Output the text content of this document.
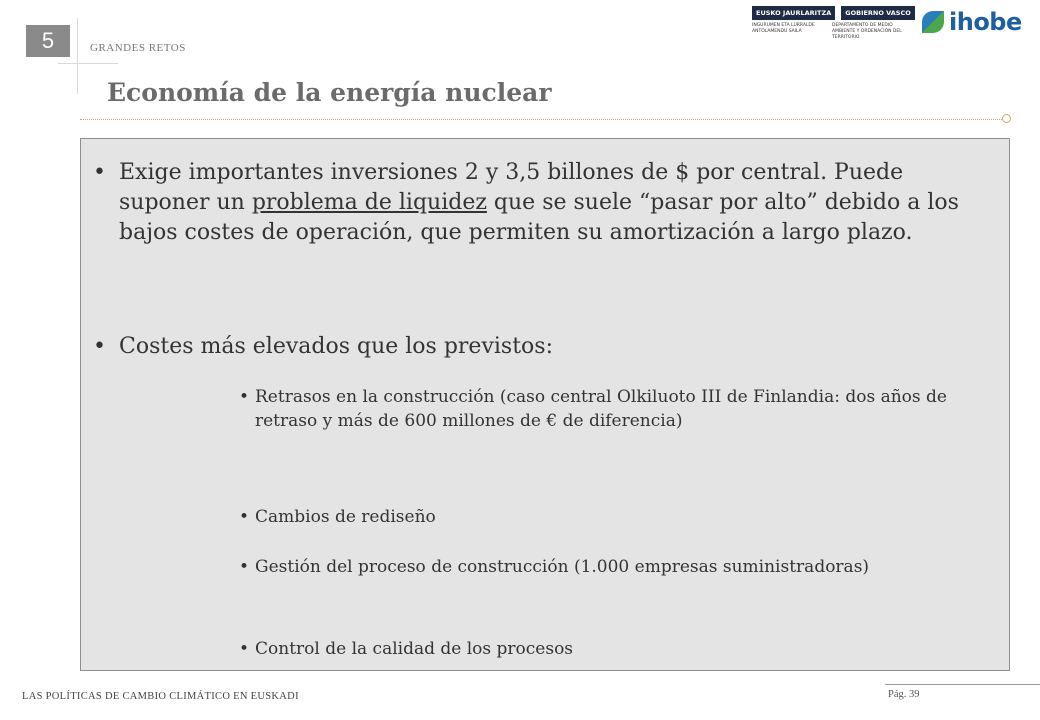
5	GRANDES RETOS
Economía de la energía nuclear
EUSKO JAURLARITZA	GOBIERNO VASCO
INGURUMEN ETA LURRALDE ANTOLAMENDU SAILA
DEPARTAMENTO DE MEDIO AMBIENTE Y ORDENACIÓN DEL TERRITORIO
ihobe
• Exige importantes inversiones 2 y 3,5 billones de $ por central. Puede suponer un problema de liquidez que se suele “pasar por alto” debido a los bajos costes de operación, que permiten su amortización a largo plazo.
• Costes más elevados que los previstos:
• Retrasos en la construcción (caso central Olkiluoto III de Finlandia: dos años de retraso y más de 600 millones de € de diferencia)
• Cambios de rediseño
• Gestión del proceso de construcción (1.000 empresas suministradoras)
• Control de la calidad de los procesos
LAS POLÍTICAS DE CAMBIO CLIMÁTICO EN EUSKADI	Pág. 39
